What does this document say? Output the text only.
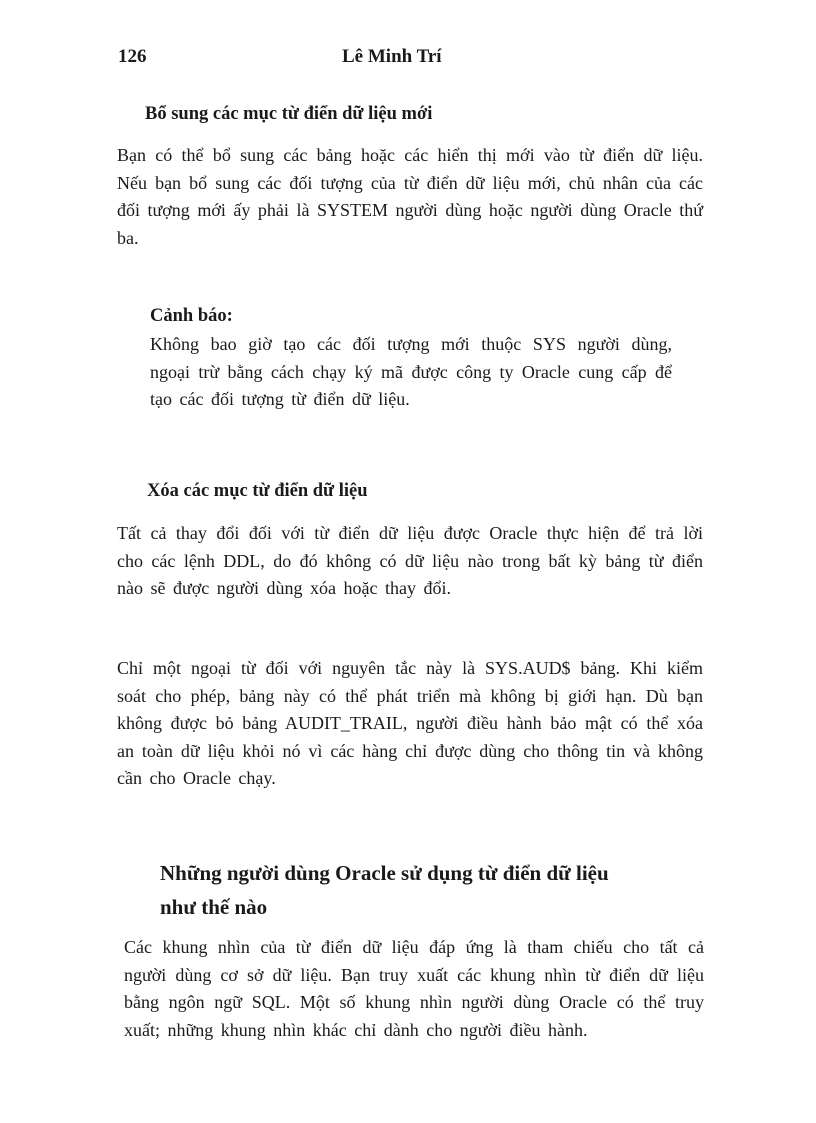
126	Lê Minh Trí
Bổ sung các mục từ điển dữ liệu mới

Bạn có thể bổ sung các bảng hoặc các hiển thị mới vào từ điển dữ liệu. Nếu bạn bổ sung các đối tượng của từ điển dữ liệu mới, chủ nhân của các đối tượng mới ấy phải là SYSTEM người dùng hoặc người dùng Oracle thứ ba.

Cảnh báo:

Không bao giờ tạo các đối tượng mới thuộc SYS người dùng, ngoại trừ bằng cách chạy ký mã được công ty Oracle cung cấp để tạo các đối tượng từ điển dữ liệu.

Xóa các mục từ điển dữ liệu

Tất cả thay đổi đối với từ điển dữ liệu được Oracle thực hiện để trả lời cho các lệnh DDL, do đó không có dữ liệu nào trong bất kỳ bảng từ điển nào sẽ được người dùng xóa hoặc thay đổi.

Chỉ một ngoại từ đối với nguyên tắc này là SYS.AUD$ bảng. Khi kiểm soát cho phép, bảng này có thể phát triển mà không bị giới hạn. Dù bạn không được bỏ bảng AUDIT_TRAIL, người điều hành bảo mật có thể xóa an toàn dữ liệu khỏi nó vì các hàng chỉ được dùng cho thông tin và không cần cho Oracle chạy.

Những người dùng Oracle sử dụng từ điển dữ liệu
như thế nào

Các khung nhìn của từ điển dữ liệu đáp ứng là tham chiếu cho tất cả người dùng cơ sở dữ liệu. Bạn truy xuất các khung nhìn từ điển dữ liệu bằng ngôn ngữ SQL. Một số khung nhìn người dùng Oracle có thể truy xuất; những khung nhìn khác chỉ dành cho người điều hành.
